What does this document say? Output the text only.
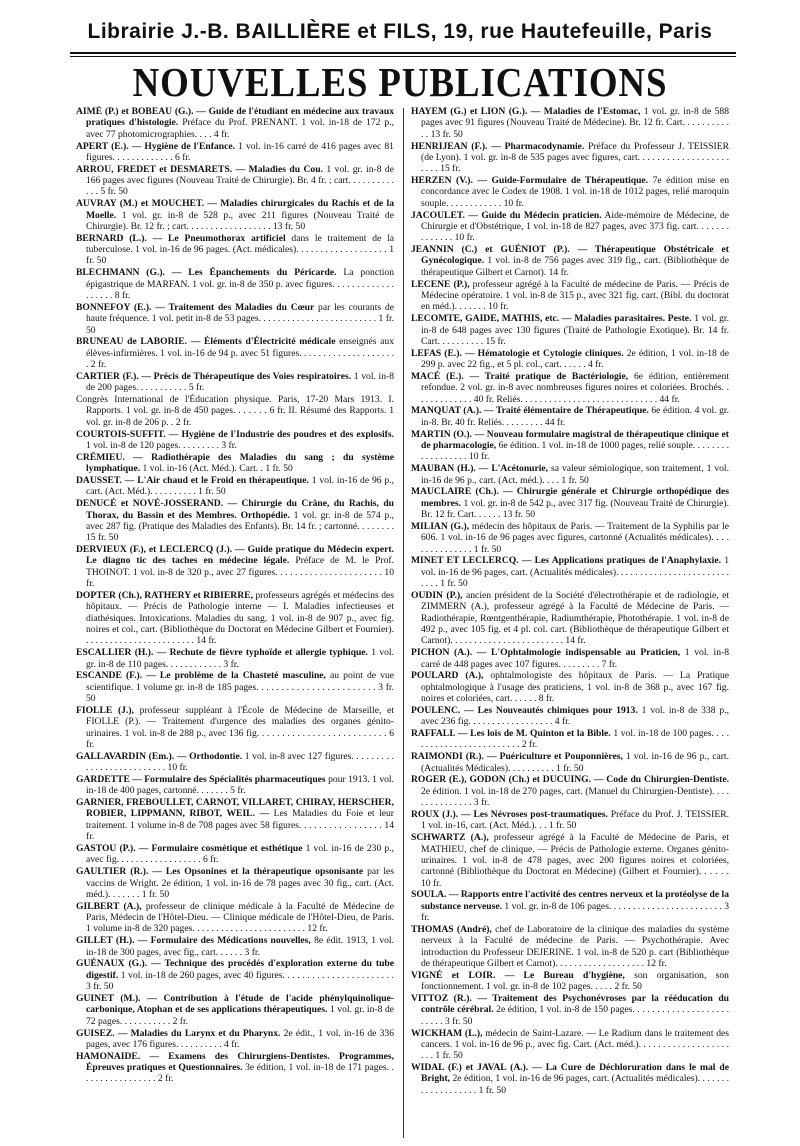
Librairie J.-B. BAILLIÈRE et FILS, 19, rue Hautefeuille, Paris
NOUVELLES PUBLICATIONS
AIMÉ (P.) et BOBEAU (G.). — Guide de l'étudiant en médecine aux travaux pratiques d'histologie. Préface du Prof. PRENANT. 1 vol. in-18 de 172 p., avec 77 photomicrographies. . . . 4 fr.
APERT (E.). — Hygiène de l'Enfance. 1 vol. in-16 carré de 416 pages avec 81 figures. . . . . . . . . . . . . 6 fr.
ARROU, FREDET et DESMARETS. — Maladies du Cou. 1 vol. gr. in-8 de 166 pages avec figures (Nouveau Traité de Chirurgie). Br. 4 fr. ; cart. . . . . . . . . . . . . 5 fr. 50
AUVRAY (M.) et MOUCHET. — Maladies chirurgicales du Rachis et de la Moelle. 1 vol. gr. in-8 de 528 p., avec 211 figures (Nouveau Traité de Chirurgie). Br. 12 fr. ; cart. . . . . . . . . . . . . . . . . . 13 fr. 50
BERNARD (L.). — Le Pneumothorax artificiel dans le traitement de la tuberculose. 1 vol. in-16 de 96 pages. (Act. médicales). . . . . . . . . . . . . . . . . . . 1 fr. 50
BLECHMANN (G.). — Les Épanchements du Péricarde. La ponction épigastrique de MARFAN. 1 vol. gr. in-8 de 350 p. avec figures. . . . . . . . . . . . . . . . . . . 8 fr.
BONNEFOY (E.). — Traitement des Maladies du Cœur par les courants de haute fréquence. 1 vol. petit in-8 de 53 pages. . . . . . . . . . . . . . . . . . . . . . . . . 1 fr. 50
BRUNEAU de LABORIE. — Éléments d'Électricité médicale enseignés aux élèves-infirmières. 1 vol. in-16 de 94 p. avec 51 figures. . . . . . . . . . . . . . . . . . . . . 2 fr.
CARTIER (F.). — Précis de Thérapeutique des Voies respiratoires. 1 vol. in-8 de 200 pages. . . . . . . . . . . 5 fr.
Congrès International de l'Éducation physique. Paris, 17-20 Mars 1913. I. Rapports. 1 vol. gr. in-8 de 450 pages. . . . . . . 6 fr. II. Résumé des Rapports. 1 vol. gr. in-8 de 206 p. . 2 fr.
COURTOIS-SUFFIT. — Hygiène de l'Industrie des poudres et des explosifs. 1 vol. in-8 de 120 pages. . . . . . . . . 3 fr.
CRÉMIEU. — Radiothérapie des Maladies du sang ; du système lymphatique. 1 vol. in-16 (Act. Méd.). Cart. . 1 fr. 50
DAUSSET. — L'Air chaud et le Froid en thérapeutique. 1 vol. in-16 de 96 p., cart. (Act. Méd.). . . . . . . . . . 1 fr. 50
DENUCÉ et NOVÉ-JOSSERAND. — Chirurgie du Crâne, du Rachis, du Thorax, du Bassin et des Membres. Orthopédie. 1 vol. gr. in-8 de 574 p., avec 287 fig. (Pratique des Maladies des Enfants). Br. 14 fr. ; cartonné. . . . . . . . 15 fr. 50
DERVIEUX (F.), et LECLERCQ (J.). — Guide pratique du Médecin expert. Le diagno tic des taches en médecine légale. Préface de M. le Prof. THOINOT. 1 vol. in-8 de 320 p., avec 27 figures. . . . . . . . . . . . . . . . . . . . . . 10 fr.
DOPTER (Ch.), RATHERY et RIBIERRE, professeurs agrégés et médecins des hôpitaux. — Précis de Pathologie interne — I. Maladies infectieuses et diathésiques. Intoxications. Maladies du sang. 1 vol. in-8 de 907 p., avec fig. noires et col., cart. (Bibliothèque du Doctorat en Médecine Gilbert et Fournier). . . . . . . . . . . . . . . . . . . . . . . . 14 fr.
ESCALLIER (H.). — Rechute de fièvre typhoïde et allergie typhique. 1 vol. gr. in-8 de 110 pages. . . . . . . . . . . . 3 fr.
ESCANDE (F.). — Le problème de la Chasteté masculine, au point de vue scientifique. 1 volume gr. in-8 de 185 pages. . . . . . . . . . . . . . . . . . . . . . . . 3 fr. 50
FIOLLE (J.), professeur suppléant à l'École de Médecine de Marseille, et FIOLLE (P.). — Traitement d'urgence des maladies des organes génito-urinaires. 1 vol. in-8 de 288 p., avec 136 fig. . . . . . . . . . . . . . . . . . . . . . . . . . 6 fr.
GALLAVARDIN (Em.). — Orthodontie. 1 vol. in-8 avec 127 figures. . . . . . . . . . . . . . . . . . . . . . . . . . 10 fr.
GARDETTE — Formulaire des Spécialités pharmaceutiques pour 1913. 1 vol. in-18 de 400 pages, cartonné. . . . . . . 5 fr.
GARNIER, FREBOULLET, CARNOT, VILLARET, CHIRAY, HERSCHER, ROBIER, LIPPMANN, RIBOT, WEIL. — Les Maladies du Foie et leur traitement. 1 volume in-8 de 708 pages avec 58 figures. . . . . . . . . . . . . . . . . 14 fr.
GASTOU (P.). — Formulaire cosmétique et esthétique 1 vol. in-16 de 230 p., avec fig. . . . . . . . . . . . . . . . . . 6 fr.
GAULTIER (R.). — Les Opsonines et la thérapeutique opsonisante par les vaccins de Wright. 2e édition, 1 vol. in-16 de 78 pages avec 30 fig., cart. (Act. méd.). . . . . . . 1 fr. 50
GILBERT (A.), professeur de clinique médicale à la Faculté de Médecine de Paris, Médecin de l'Hôtel-Dieu. — Clinique médicale de l'Hôtel-Dieu, de Paris. 1 volume in-8 de 320 pages. . . . . . . . . . . . . . . . . . . . . . . . 12 fr.
GILLET (H.). — Formulaire des Médications nouvelles, 8e édit. 1913, 1 vol. in-18 de 300 pages, avec fig., cart. . . . . . 3 fr.
GUÉNAUX (G.). — Technique des procédés d'exploration externe du tube digestif. 1 vol. in-18 de 260 pages, avec 40 figures. . . . . . . . . . . . . . . . . . . . . . . 3 fr. 50
GUINET (M.). — Contribution à l'étude de l'acide phénylquinolique-carbonique, Atophan et de ses applications thérapeutiques. 1 vol. gr. in-8 de 72 pages. . . . . . . . . . . 2 fr.
GUISEZ. — Maladies du Larynx et du Pharynx. 2e édit., 1 vol. in-16 de 336 pages, avec 176 figures. . . . . . . . . . 4 fr.
HAMONAIDE. — Examens des Chirurgiens-Dentistes. Programmes, Épreuves pratiques et Questionnaires. 3e édition, 1 vol. in-18 de 171 pages. . . . . . . . . . . . . . . . . 2 fr.
HAYEM (G.) et LION (G.). — Maladies de l'Estomac, 1 vol. gr. in-8 de 588 pages avec 91 figures (Nouveau Traité de Médecine). Br. 12 fr. Cart. . . . . . . . . . . . 13 fr. 50
HENRIJEAN (F.). — Pharmacodynamie. Préface du Professeur J. TEISSIER (de Lyon). 1 vol. gr. in-8 de 535 pages avec figures, cart. . . . . . . . . . . . . . . . . . . . . . . 15 fr.
HERZEN (V.). — Guide-Formulaire de Thérapeutique. 7e édition mise en concordance avec le Codex de 1908. 1 vol. in-18 de 1012 pages, relié maroquin souple. . . . . . . . . . . . 10 fr.
JACOULET. — Guide du Médecin praticien. Aide-mémoire de Médecine, de Chirurgie et d'Obstétrique, 1 vol. in-18 de 827 pages, avec 373 fig. cart. . . . . . . . . . . . . . 10 fr.
JEANNIN (C.) et GUÉNIOT (P.). — Thérapeutique Obstétricale et Gynécologique. 1 vol. in-8 de 756 pages avec 319 fig., cart. (Bibliothèque de thérapeutique Gilbert et Carnot). 14 fr.
LECENE (P.), professeur agrégé à la Faculté de médecine de Paris. — Précis de Médecine opératoire. 1 vol. in-8 de 315 p., avec 321 fig. cart. (Bibl. du doctorat en méd.). . . . . . . 10 fr.
LECOMTE, GAIDE, MATHIS, etc. — Maladies parasitaires. Peste. 1 vol. gr. in-8 de 648 pages avec 130 figures (Traité de Pathologie Exotique). Br. 14 fr. Cart. . . . . . . . . . 15 fr.
LEFAS (E.). — Hématologie et Cytologie cliniques. 2e édition, 1 vol. in-18 de 299 p. avec 22 fig., et 5 pl. col., cart. . . . . . 4 fr.
MACÉ (E.). — Traité pratique de Bactériologie, 6e édition, entièrement refondue. 2 vol. gr. in-8 avec nombreuses figures noires et coloriées. Brochés. . . . . . . . . . . . . 40 fr. Reliés. . . . . . . . . . . . . . . . . . . . . . . . . . . . . 44 fr.
MANQUAT (A.). — Traité élémentaire de Thérapeutique. 6e édition. 4 vol. gr. in-8. Br. 40 fr. Reliés. . . . . . . . . 44 fr.
MARTIN (O.). — Nouveau formulaire magistral de thérapeutique clinique et de pharmacologie, 6e édition. 1 vol. in-18 de 1000 pages, relié souple. . . . . . . . . . . . . . . . . . 10 fr.
MAUBAN (H.). — L'Acétonurie, sa valeur sémiologique, son traitement, 1 vol. in-16 de 96 p., cart. (Act. méd.). . . . 1 fr. 50
MAUCLAIRE (Ch.). — Chirurgie générale et Chirurgie orthopédique des membres. 1 vol. gr. in-8 de 542 p., avec 317 fig. (Nouveau Traité de Chirurgie). Br. 12 fr. Cart. . . . . . 13 fr. 50
MILIAN (G.), médecin des hôpitaux de Paris. — Traitement de la Syphilis par le 606. 1 vol. in-16 de 96 pages avec figures, cartonné (Actualités médicales). . . . . . . . . . . . . . . 1 fr. 50
MINET ET LECLERCQ. — Les Applications pratiques de l'Anaphylaxie. 1 vol. in-16 de 96 pages, cart. (Actualités médicales). . . . . . . . . . . . . . . . . . . . . . . . . . . . 1 fr. 50
OUDIN (P.), ancien président de la Société d'électrothérapie et de radiologie, et ZIMMERN (A.), professeur agrégé à la Faculté de Médecine de Paris. — Radiothérapie, Rœntgenthérapie, Radiumthérapie, Photothérapie. 1 vol. in-8 de 492 p., avec 105 fig. et 4 pl. col. cart. (Bibliothèque de thérapeutique Gilbert et Carnot). . . . . . . . . . . . . . . . . . . . . . . . 14 fr.
PICHON (A.). — L'Ophtalmologie indispensable au Praticien, 1 vol. in-8 carré de 448 pages avec 107 figures. . . . . . . . . 7 fr.
POULARD (A.), ophtalmologiste des hôpitaux de Paris. — La Pratique ophtalmologique à l'usage des praticiens, 1 vol. in-8 de 368 p., avec 167 fig. noires et coloriées, cart. . . . . . 8 fr.
POULENC. — Les Nouveautés chimiques pour 1913. 1 vol. in-8 de 338 p., avec 236 fig. . . . . . . . . . . . . . . . . . 4 fr.
RAFFALI. — Les lois de M. Quinton et la Bible. 1 vol. in-18 de 100 pages. . . . . . . . . . . . . . . . . . . . . . . . . 2 fr.
RAIMONDI (R.). — Puériculture et Pouponnières, 1 vol. in-16 de 96 p., cart. (Actualités Médicales). . . . . . . . . . 1 fr. 50
ROGER (E.), GODON (Ch.) et DUCUING. — Code du Chirurgien-Dentiste. 2e édition. 1 vol. in-18 de 270 pages, cart. (Manuel du Chirurgien-Dentiste). . . . . . . . . . . . . . . 3 fr.
ROUX (J.). — Les Névroses post-traumatiques. Préface du Prof. J. TEISSIER. 1 vol. in-16, cart. (Act. Méd.). . . 1 fr. 50
SCHWARTZ (A.), professeur agrégé à la Faculté de Médecine de Paris, et MATHIEU, chef de clinique. — Précis de Pathologie externe. Organes génito-urinaires. 1 vol. in-8 de 478 pages, avec 200 figures noires et coloriées, cartonné (Bibliothèque du Doctorat en Médecine) (Gilbert et Fournier). . . . . . 10 fr.
SOULA. — Rapports entre l'activité des centres nerveux et la protéolyse de la substance nerveuse. 1 vol. gr. in-8 de 106 pages. . . . . . . . . . . . . . . . . . . . . . . . 3 fr.
THOMAS (André), chef de Laboratoire de la clinique des maladies du système nerveux à la Faculté de médecine de Paris. — Psychothérapie. Avec introduction du Professeur DEJERINE. 1 vol. in-8 de 520 p. cart (Bibliothèque de thérapeutique Gilbert et Carnot). . . . . . . . . . . . . . . . . . . 12 fr.
VIGNÉ et LOIR. — Le Bureau d'hygiène, son organisation, son fonctionnement. 1 vol. gr. in-8 de 102 pages. . . . . 2 fr. 50
VITTOZ (R.). — Traitement des Psychonévroses par la rééducation du contrôle cérébral. 2e édition, 1 vol. in-8 de 150 pages. . . . . . . . . . . . . . . . . . . . . . . . . 3 fr. 50
WICKHAM (L.), médecin de Saint-Lazare. — Le Radium dans le traitement des cancers. 1 vol. in-16 de 96 p., avec fig. Cart. (Act. méd.). . . . . . . . . . . . . . . . . . . . . . 1 fr. 50
WIDAL (F.) et JAVAL (A.). — La Cure de Déchloruration dans le mal de Bright, 2e édition, 1 vol. in-16 de 96 pages, cart. (Actualités médicales). . . . . . . . . . . . . . . . . . . 1 fr. 50
